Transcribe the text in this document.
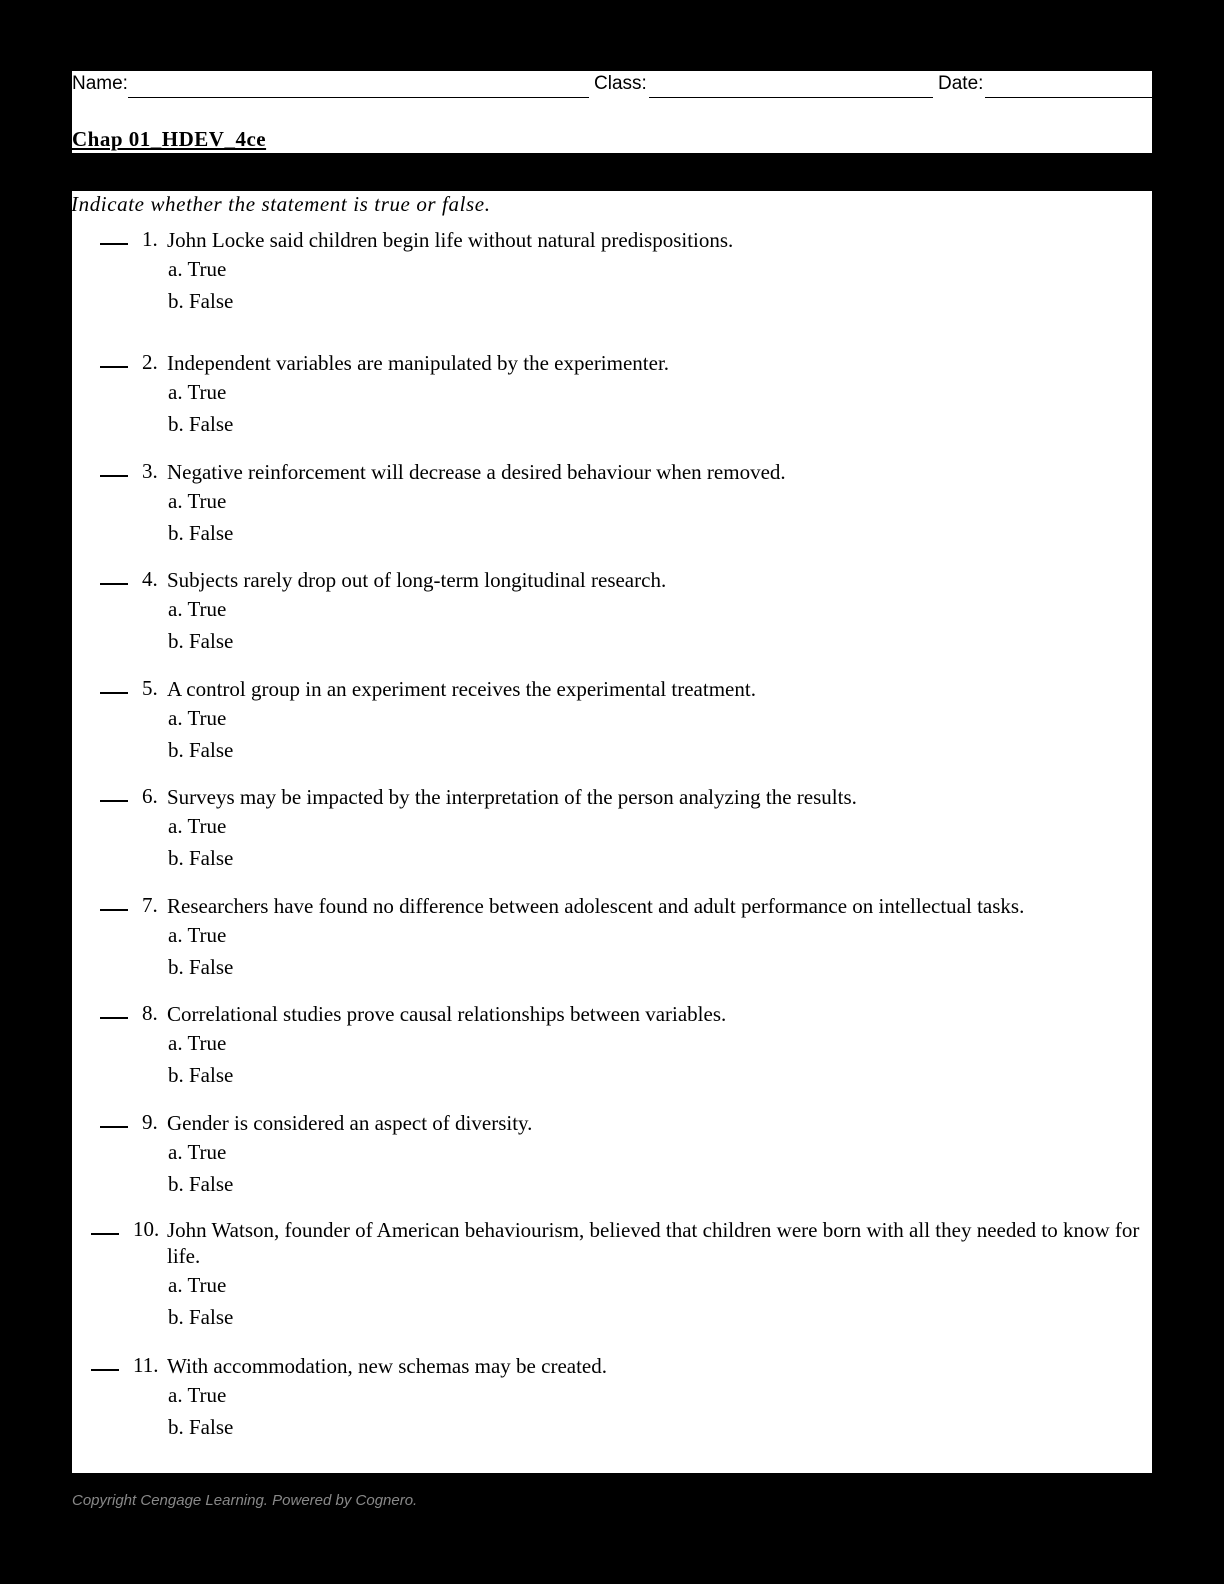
Name:	Class:	Date:
Chap 01_HDEV_4ce
Indicate whether the statement is true or false.
1. John Locke said children begin life without natural predispositions.
a. True
b. False
2. Independent variables are manipulated by the experimenter.
a. True
b. False
3. Negative reinforcement will decrease a desired behaviour when removed.
a. True
b. False
4. Subjects rarely drop out of long-term longitudinal research.
a. True
b. False
5. A control group in an experiment receives the experimental treatment.
a. True
b. False
6. Surveys may be impacted by the interpretation of the person analyzing the results.
a. True
b. False
7. Researchers have found no difference between adolescent and adult performance on intellectual tasks.
a. True
b. False
8. Correlational studies prove causal relationships between variables.
a. True
b. False
9. Gender is considered an aspect of diversity.
a. True
b. False
10. John Watson, founder of American behaviourism, believed that children were born with all they needed to know for life.
a. True
b. False
11. With accommodation, new schemas may be created.
a. True
b. False
Copyright Cengage Learning. Powered by Cognero.
